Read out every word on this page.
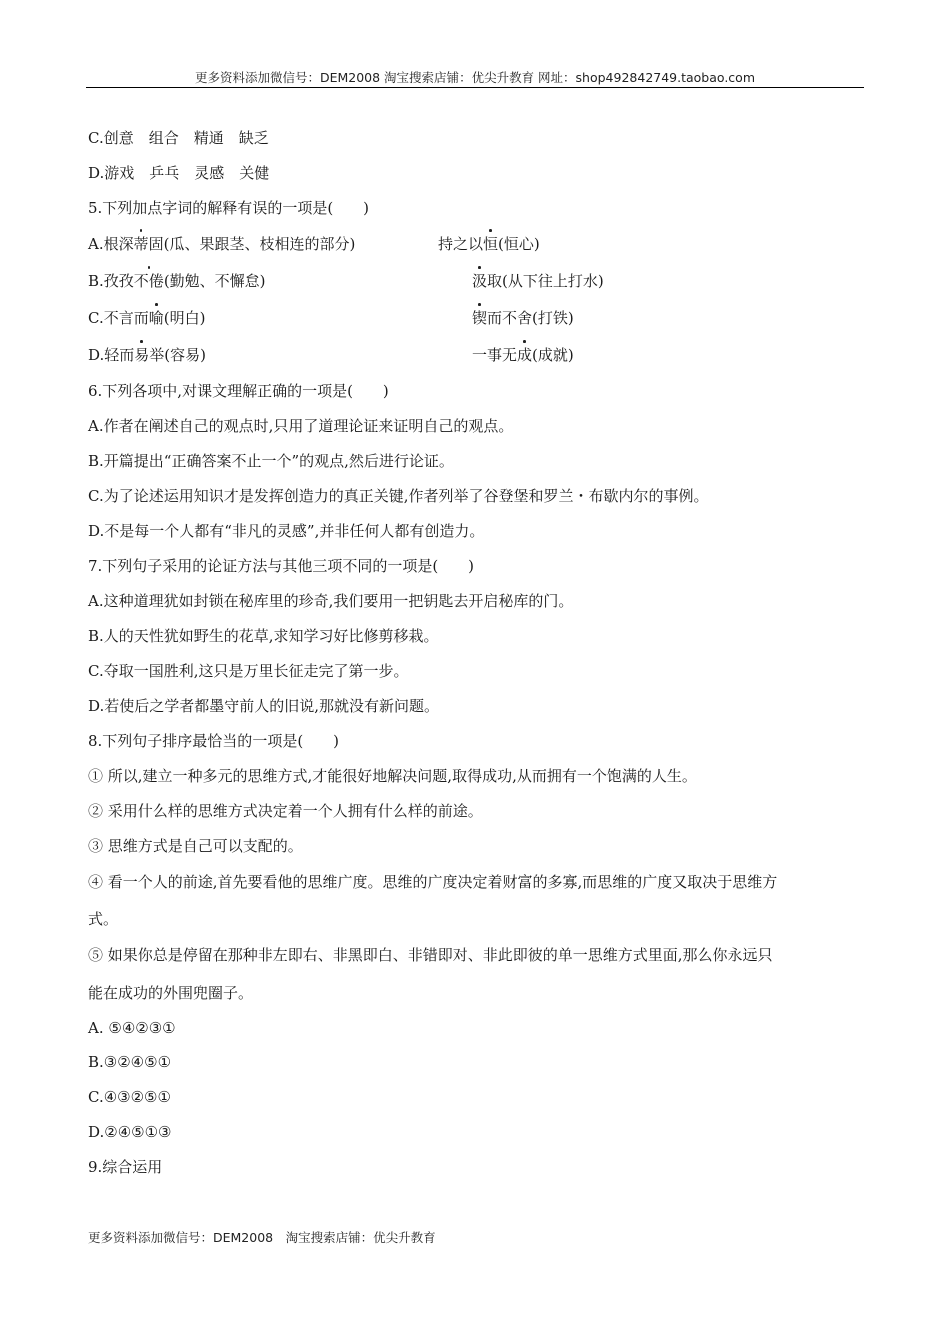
更多资料添加微信号：DEM2008 淘宝搜索店铺：优尖升教育 网址：shop492842749.taobao.com
C.创意　组合　精通　缺乏
D.游戏　乒乓　灵感　关健
5.下列加点字词的解释有误的一项是(　　)
A.根深蒂固(瓜、果跟茎、枝相连的部分)	持之以恒(恒心)
B.孜孜不倦(勤勉、不懈怠)	汲取(从下往上打水)
C.不言而喻(明白)	锲而不舍(打铁)
D.轻而易举(容易)	一事无成(成就)
6.下列各项中,对课文理解正确的一项是(　　)
A.作者在阐述自己的观点时,只用了道理论证来证明自己的观点。
B.开篇提出“正确答案不止一个”的观点,然后进行论证。
C.为了论述运用知识才是发挥创造力的真正关键,作者列举了谷登堡和罗兰・布歇内尔的事例。
D.不是每一个人都有“非凡的灵感”,并非任何人都有创造力。
7.下列句子采用的论证方法与其他三项不同的一项是(　　)
A.这种道理犹如封锁在秘库里的珍奇,我们要用一把钥匙去开启秘库的门。
B.人的天性犹如野生的花草,求知学习好比修剪移栽。
C.夺取一国胜利,这只是万里长征走完了第一步。
D.若使后之学者都墨守前人的旧说,那就没有新问题。
8.下列句子排序最恰当的一项是(　　)
① 所以,建立一种多元的思维方式,才能很好地解决问题,取得成功,从而拥有一个饱满的人生。
② 采用什么样的思维方式决定着一个人拥有什么样的前途。
③ 思维方式是自己可以支配的。
④ 看一个人的前途,首先要看他的思维广度。思维的广度决定着财富的多寡,而思维的广度又取决于思维方
式。
⑤ 如果你总是停留在那种非左即右、非黑即白、非错即对、非此即彼的单一思维方式里面,那么你永远只
能在成功的外围兜圈子。
A. ⑤④②③①
B.③②④⑤①
C.④③②⑤①
D.②④⑤①③
9.综合运用
更多资料添加微信号：DEM2008　淘宝搜索店铺：优尖升教育
